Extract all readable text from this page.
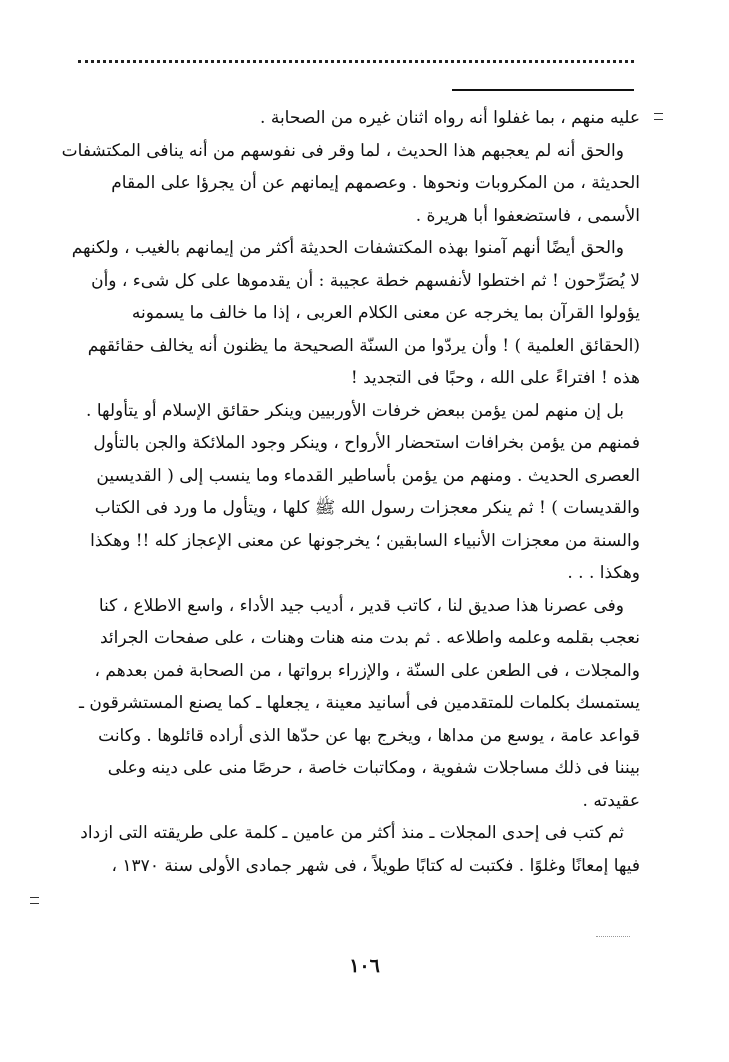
عليه منهم ، بما غفلوا أنه رواه اثنان غيره من الصحابة .
والحق أنه لم يعجبهم هذا الحديث ، لما وقر فى نفوسهم من أنه ينافى المكتشفات
الحديثة ، من المكروبات ونحوها . وعصمهم إيمانهم عن أن يجرؤا على المقام
الأسمى ، فاستضعفوا أبا هريرة .
والحق أيضًا أنهم آمنوا بهذه المكتشفات الحديثة أكثر من إيمانهم بالغيب ، ولكنهم
لا يُصَرِّحون ! ثم اختطوا لأنفسهم خطة عجيبة : أن يقدموها على كل شىء ، وأن
يؤولوا القرآن بما يخرجه عن معنى الكلام العربى ، إذا ما خالف ما يسمونه
(الحقائق العلمية ) ! وأن يردّوا من السنّة الصحيحة ما يظنون أنه يخالف حقائقهم
هذه ! افتراءً على الله ، وحبًا فى التجديد !
بل إن منهم لمن يؤمن ببعض خرفات الأوربيين وينكر حقائق الإسلام أو يتأولها .
فمنهم من يؤمن بخرافات استحضار الأرواح ، وينكر وجود الملائكة والجن بالتأول
العصرى الحديث . ومنهم من يؤمن بأساطير القدماء وما ينسب إلى ( القديسين
والقديسات ) ! ثم ينكر معجزات رسول الله ﷺ كلها ، ويتأول ما ورد فى الكتاب
والسنة من معجزات الأنبياء السابقين ؛ يخرجونها عن معنى الإعجاز كله !! وهكذا
وهكذا . . .
وفى عصرنا هذا صديق لنا ، كاتب قدير ، أديب جيد الأداء ، واسع الاطلاع ، كنا
نعجب بقلمه وعلمه واطلاعه . ثم بدت منه هنات وهنات ، على صفحات الجرائد
والمجلات ، فى الطعن على السنّة ، والإزراء برواتها ، من الصحابة فمن بعدهم ،
يستمسك بكلمات للمتقدمين فى أسانيد معينة ، يجعلها ـ كما يصنع المستشرقون ـ
قواعد عامة ، يوسع من مداها ، ويخرج بها عن حدّها الذى أراده قائلوها . وكانت
بيننا فى ذلك مساجلات شفوية ، ومكاتبات خاصة ، حرصًا منى على دينه وعلى
عقيدته .
ثم كتب فى إحدى المجلات ـ منذ أكثر من عامين ـ كلمة على طريقته التى ازداد
فيها إمعانًا وغلوًا . فكتبت له كتابًا طويلاً ، فى شهر جمادى الأولى سنة ١٣٧٠ ،
١٠٦
